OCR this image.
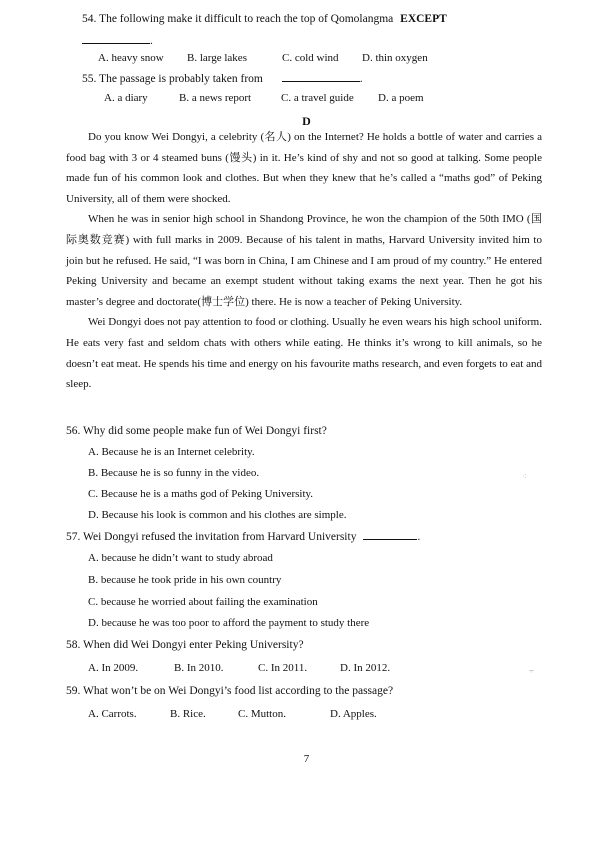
54. The following make it difficult to reach the top of Qomolangma EXCEPT
.
A. heavy snow B. large lakes	C. cold wind D. thin oxygen
55. The passage is probably taken from	.
A. a diary	B. a news report	C. a travel guide D. a poem
D

Do you know Wei Dongyi, a celebrity (名人) on the Internet? He holds a bottle of water and carries a food bag with 3 or 4 steamed buns (馒头) in it. He’s kind of shy and not so good at talking. Some people made fun of his common look and clothes. But when they knew that he’s called a “maths god” of Peking University, all of them were shocked.

When he was in senior high school in Shandong Province, he won the champion of the 50th IMO (国际奥数竞赛) with full marks in 2009. Because of his talent in maths, Harvard University invited him to join but he refused. He said, “I was born in China, I am Chinese and I am proud of my country.” He entered Peking University and became an exempt student without taking exams the next year. Then he got his master’s degree and doctorate(博士学位) there. He is now a teacher of Peking University.

Wei Dongyi does not pay attention to food or clothing. Usually he even wears his high school uniform. He eats very fast and seldom chats with others while eating. He thinks it’s wrong to kill animals, so he doesn’t eat meat. He spends his time and energy on his favourite maths research, and even forgets to eat and sleep.

56. Why did some people make fun of Wei Dongyi first?
A. Because he is an Internet celebrity.
B. Because he is so funny in the video.
C. Because he is a maths god of Peking University.
D. Because his look is common and his clothes are simple.
57. Wei Dongyi refused the invitation from Harvard University	.
A. because he didn’t want to study abroad
B. because he took pride in his own country
C. because he worried about failing the examination
D. because he was too poor to afford the payment to study there
58. When did Wei Dongyi enter Peking University?
A. In 2009.	B. In 2010.	C. In 2011.	D. In 2012.
59. What won’t be on Wei Dongyi’s food list according to the passage?
A. Carrots.	B. Rice.	C. Mutton.	D. Apples.
⁖
⸟
7
